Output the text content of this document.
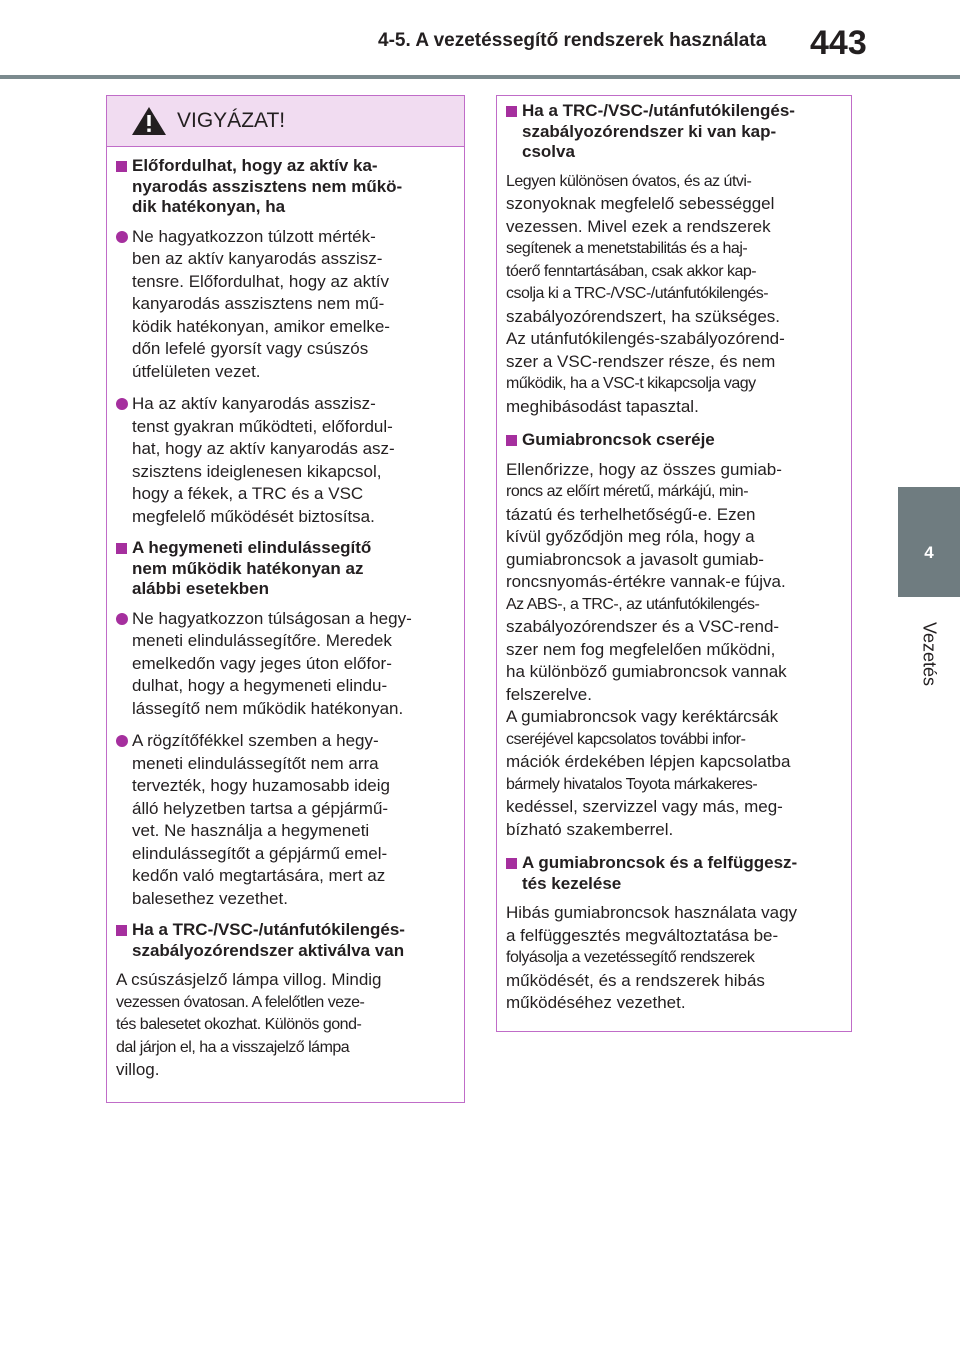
4-5. A vezetéssegítő rendszerek használata	443
4
Vezetés
VIGYÁZAT!
Előfordulhat, hogy az aktív ka-
nyarodás asszisztens nem műkö-
dik hatékonyan, ha
Ne hagyatkozzon túlzott mérték-
ben az aktív kanyarodás asszisz-
tensre. Előfordulhat, hogy az aktív
kanyarodás asszisztens nem mű-
ködik hatékonyan, amikor emelke-
dőn lefelé gyorsít vagy csúszós
útfelületen vezet.
Ha az aktív kanyarodás asszisz-
tenst gyakran működteti, előfordul-
hat, hogy az aktív kanyarodás asz-
szisztens ideiglenesen kikapcsol,
hogy a fékek, a TRC és a VSC
megfelelő működését biztosítsa.
A hegymeneti elindulássegítő
nem működik hatékonyan az
alábbi esetekben
Ne hagyatkozzon túlságosan a hegy-
meneti elindulássegítőre. Meredek
emelkedőn vagy jeges úton előfor-
dulhat, hogy a hegymeneti elindu-
lássegítő nem működik hatékonyan.
A rögzítőfékkel szemben a hegy-
meneti elindulássegítőt nem arra
tervezték, hogy huzamosabb ideig
álló helyzetben tartsa a gépjármű-
vet. Ne használja a hegymeneti
elindulássegítőt a gépjármű emel-
kedőn való megtartására, mert az
balesethez vezethet.
Ha a TRC-/VSC-/utánfutókilengés-
szabályozórendszer aktiválva van
A csúszásjelző lámpa villog. Mindig
vezessen óvatosan. A felelőtlen veze-
tés balesetet okozhat. Különös gond-
dal járjon el, ha a visszajelző lámpa
villog.
Ha a TRC-/VSC-/utánfutókilengés-
szabályozórendszer ki van kap-
csolva
Legyen különösen óvatos, és az útvi-
szonyoknak megfelelő sebességgel
vezessen. Mivel ezek a rendszerek
segítenek a menetstabilitás és a haj-
tóerő fenntartásában, csak akkor kap-
csolja ki a TRC-/VSC-/utánfutókilengés-
szabályozórendszert, ha szükséges.
Az utánfutókilengés-szabályozórend-
szer a VSC-rendszer része, és nem
működik, ha a VSC-t kikapcsolja vagy
meghibásodást tapasztal.
Gumiabroncsok cseréje
Ellenőrizze, hogy az összes gumiab-
roncs az előírt méretű, márkájú, min-
tázatú és terhelhetőségű-e. Ezen
kívül győződjön meg róla, hogy a
gumiabroncsok a javasolt gumiab-
roncsnyomás-értékre vannak-e fújva.
Az ABS-, a TRC-, az utánfutókilengés-
szabályozórendszer és a VSC-rend-
szer nem fog megfelelően működni,
ha különböző gumiabroncsok vannak
felszerelve.
A gumiabroncsok vagy keréktárcsák
cseréjével kapcsolatos további infor-
mációk érdekében lépjen kapcsolatba
bármely hivatalos Toyota márkakeres-
kedéssel, szervizzel vagy más, meg-
bízható szakemberrel.
A gumiabroncsok és a felfüggesz-
tés kezelése
Hibás gumiabroncsok használata vagy
a felfüggesztés megváltoztatása be-
folyásolja a vezetéssegítő rendszerek
működését, és a rendszerek hibás
működéséhez vezethet.
